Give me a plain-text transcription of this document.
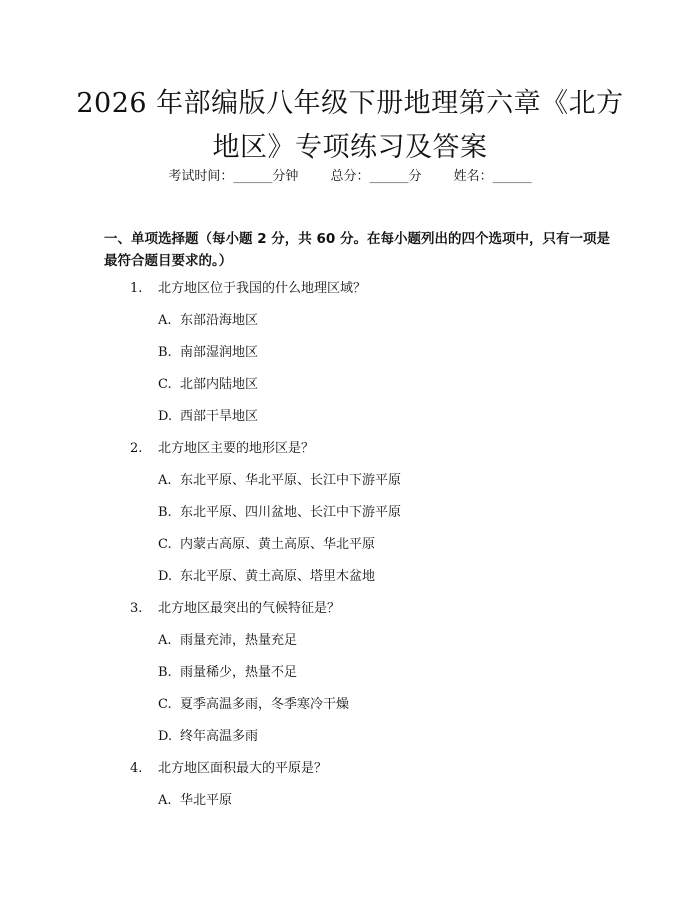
2026 年部编版八年级下册地理第六章《北方
地区》专项练习及答案
考试时间：______分钟 总分：______分 姓名：______
一、单项选择题（每小题 2 分，共 60 分。在每小题列出的四个选项中，只有一项是最符合题目要求的。）
1. 北方地区位于我国的什么地理区域？
A. 东部沿海地区
B. 南部湿润地区
C. 北部内陆地区
D. 西部干旱地区
2. 北方地区主要的地形区是？
A. 东北平原、华北平原、长江中下游平原
B. 东北平原、四川盆地、长江中下游平原
C. 内蒙古高原、黄土高原、华北平原
D. 东北平原、黄土高原、塔里木盆地
3. 北方地区最突出的气候特征是？
A. 雨量充沛，热量充足
B. 雨量稀少，热量不足
C. 夏季高温多雨，冬季寒冷干燥
D. 终年高温多雨
4. 北方地区面积最大的平原是？
A. 华北平原
